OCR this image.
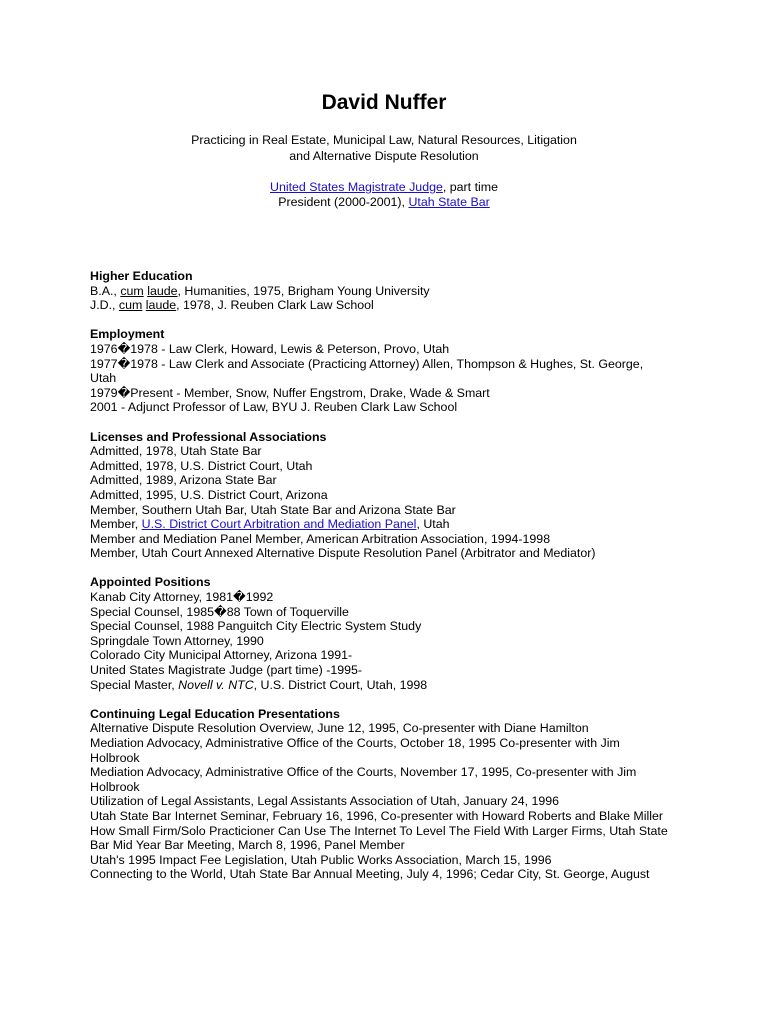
David Nuffer
Practicing in Real Estate, Municipal Law, Natural Resources, Litigation
and Alternative Dispute Resolution
United States Magistrate Judge, part time
President (2000-2001), Utah State Bar
Higher Education
B.A., cum laude, Humanities, 1975, Brigham Young University
J.D., cum laude, 1978, J. Reuben Clark Law School
Employment
1976�1978 - Law Clerk, Howard, Lewis & Peterson, Provo, Utah
1977�1978 - Law Clerk and Associate (Practicing Attorney) Allen, Thompson & Hughes, St. George,
Utah
1979�Present - Member, Snow, Nuffer Engstrom, Drake, Wade & Smart
2001 - Adjunct Professor of Law, BYU J. Reuben Clark Law School
Licenses and Professional Associations
Admitted, 1978, Utah State Bar
Admitted, 1978, U.S. District Court, Utah
Admitted, 1989, Arizona State Bar
Admitted, 1995, U.S. District Court, Arizona
Member, Southern Utah Bar, Utah State Bar and Arizona State Bar
Member, U.S. District Court Arbitration and Mediation Panel, Utah
Member and Mediation Panel Member, American Arbitration Association, 1994-1998
Member, Utah Court Annexed Alternative Dispute Resolution Panel (Arbitrator and Mediator)
Appointed Positions
Kanab City Attorney, 1981�1992
Special Counsel, 1985�88 Town of Toquerville
Special Counsel, 1988 Panguitch City Electric System Study
Springdale Town Attorney, 1990
Colorado City Municipal Attorney, Arizona 1991-
United States Magistrate Judge (part time) -1995-
Special Master, Novell v. NTC, U.S. District Court, Utah, 1998
Continuing Legal Education Presentations
Alternative Dispute Resolution Overview, June 12, 1995, Co-presenter with Diane Hamilton
Mediation Advocacy, Administrative Office of the Courts, October 18, 1995 Co-presenter with Jim
Holbrook
Mediation Advocacy, Administrative Office of the Courts, November 17, 1995, Co-presenter with Jim
Holbrook
Utilization of Legal Assistants, Legal Assistants Association of Utah, January 24, 1996
Utah State Bar Internet Seminar, February 16, 1996, Co-presenter with Howard Roberts and Blake Miller
How Small Firm/Solo Practicioner Can Use The Internet To Level The Field With Larger Firms, Utah State
Bar Mid Year Bar Meeting, March 8, 1996, Panel Member
Utah's 1995 Impact Fee Legislation, Utah Public Works Association, March 15, 1996
Connecting to the World, Utah State Bar Annual Meeting, July 4, 1996; Cedar City, St. George, August
